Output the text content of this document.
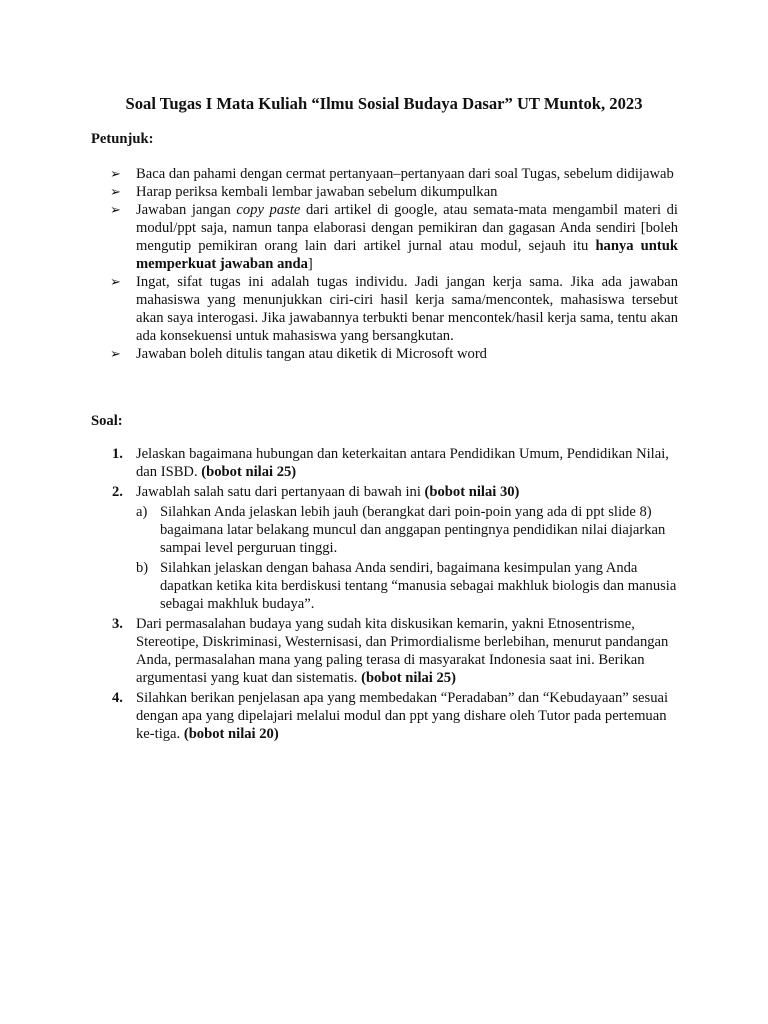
Soal Tugas I Mata Kuliah “Ilmu Sosial Budaya Dasar” UT Muntok, 2023
Petunjuk:
➢ Baca dan pahami dengan cermat pertanyaan–pertanyaan dari soal Tugas, sebelum didijawab
➢ Harap periksa kembali lembar jawaban sebelum dikumpulkan
➢ Jawaban jangan copy paste dari artikel di google, atau semata-mata mengambil materi di modul/ppt saja, namun tanpa elaborasi dengan pemikiran dan gagasan Anda sendiri [boleh mengutip pemikiran orang lain dari artikel jurnal atau modul, sejauh itu hanya untuk memperkuat jawaban anda]
➢ Ingat, sifat tugas ini adalah tugas individu. Jadi jangan kerja sama. Jika ada jawaban mahasiswa yang menunjukkan ciri-ciri hasil kerja sama/mencontek, mahasiswa tersebut akan saya interogasi. Jika jawabannya terbukti benar mencontek/hasil kerja sama, tentu akan ada konsekuensi untuk mahasiswa yang bersangkutan.
➢ Jawaban boleh ditulis tangan atau diketik di Microsoft word
Soal:
1. Jelaskan bagaimana hubungan dan keterkaitan antara Pendidikan Umum, Pendidikan Nilai, dan ISBD. (bobot nilai 25)
2. Jawablah salah satu dari pertanyaan di bawah ini (bobot nilai 30)
a) Silahkan Anda jelaskan lebih jauh (berangkat dari poin-poin yang ada di ppt slide 8) bagaimana latar belakang muncul dan anggapan pentingnya pendidikan nilai diajarkan sampai level perguruan tinggi.
b) Silahkan jelaskan dengan bahasa Anda sendiri, bagaimana kesimpulan yang Anda dapatkan ketika kita berdiskusi tentang “manusia sebagai makhluk biologis dan manusia sebagai makhluk budaya”.
3. Dari permasalahan budaya yang sudah kita diskusikan kemarin, yakni Etnosentrisme, Stereotipe, Diskriminasi, Westernisasi, dan Primordialisme berlebihan, menurut pandangan Anda, permasalahan mana yang paling terasa di masyarakat Indonesia saat ini. Berikan argumentasi yang kuat dan sistematis. (bobot nilai 25)
4. Silahkan berikan penjelasan apa yang membedakan “Peradaban” dan “Kebudayaan” sesuai dengan apa yang dipelajari melalui modul dan ppt yang dishare oleh Tutor pada pertemuan ke-tiga. (bobot nilai 20)
